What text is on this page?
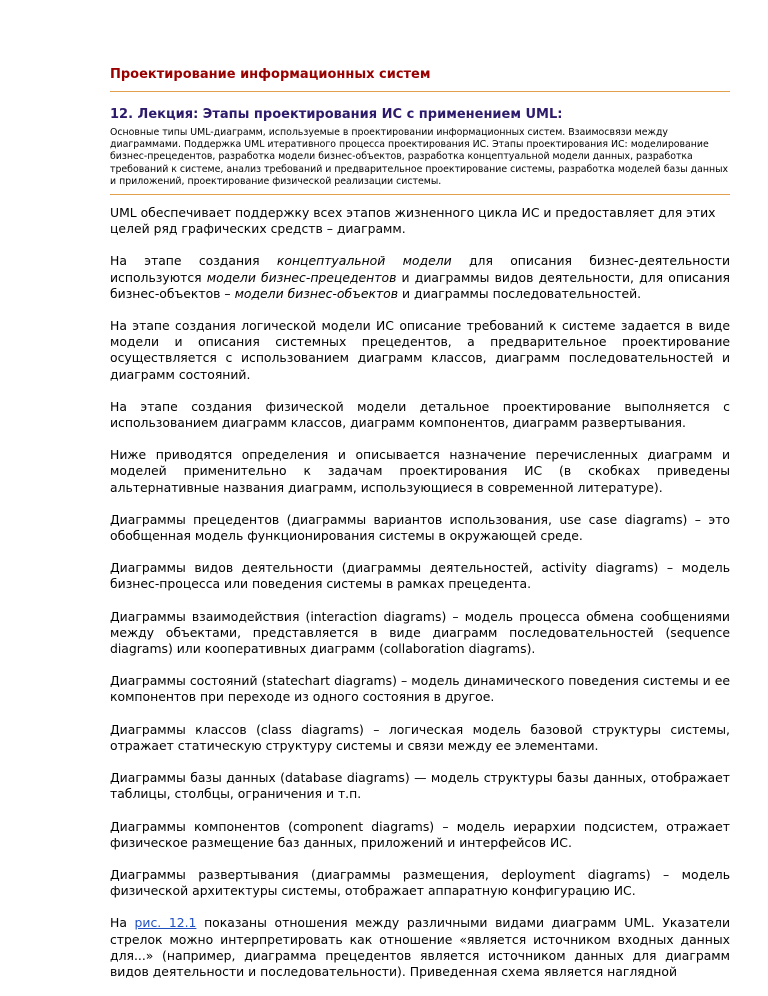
Проектирование информационных систем
12. Лекция: Этапы проектирования ИС с применением UML:

Основные типы UML-диаграмм, используемые в проектировании информационных систем. Взаимосвязи между диаграммами. Поддержка UML итеративного процесса проектирования ИС. Этапы проектирования ИС: моделирование бизнес-прецедентов, разработка модели бизнес-объектов, разработка концептуальной модели данных, разработка требований к системе, анализ требований и предварительное проектирование системы, разработка моделей базы данных и приложений, проектирование физической реализации системы.

UML обеспечивает поддержку всех этапов жизненного цикла ИС и предоставляет для этих целей ряд графических средств – диаграмм.

На этапе создания концептуальной модели для описания бизнес-деятельности используются модели бизнес-прецедентов и диаграммы видов деятельности, для описания бизнес-объектов – модели бизнес-объектов и диаграммы последовательностей.

На этапе создания логической модели ИС описание требований к системе задается в виде модели и описания системных прецедентов, а предварительное проектирование осуществляется с использованием диаграмм классов, диаграмм последовательностей и диаграмм состояний.

На этапе создания физической модели детальное проектирование выполняется с использованием диаграмм классов, диаграмм компонентов, диаграмм развертывания.

Ниже приводятся определения и описывается назначение перечисленных диаграмм и моделей применительно к задачам проектирования ИС (в скобках приведены альтернативные названия диаграмм, использующиеся в современной литературе).

Диаграммы прецедентов (диаграммы вариантов использования, use case diagrams) – это обобщенная модель функционирования системы в окружающей среде.

Диаграммы видов деятельности (диаграммы деятельностей, activity diagrams) – модель бизнес-процесса или поведения системы в рамках прецедента.

Диаграммы взаимодействия (interaction diagrams) – модель процесса обмена сообщениями между объектами, представляется в виде диаграмм последовательностей (sequence diagrams) или кооперативных диаграмм (collaboration diagrams).

Диаграммы состояний (statechart diagrams) – модель динамического поведения системы и ее компонентов при переходе из одного состояния в другое.

Диаграммы классов (class diagrams) – логическая модель базовой структуры системы, отражает статическую структуру системы и связи между ее элементами.

Диаграммы базы данных (database diagrams) — модель структуры базы данных, отображает таблицы, столбцы, ограничения и т.п.

Диаграммы компонентов (component diagrams) – модель иерархии подсистем, отражает физическое размещение баз данных, приложений и интерфейсов ИС.

Диаграммы развертывания (диаграммы размещения, deployment diagrams) – модель физической архитектуры системы, отображает аппаратную конфигурацию ИС.

На рис. 12.1 показаны отношения между различными видами диаграмм UML. Указатели стрелок можно интерпретировать как отношение «является источником входных данных для...» (например, диаграмма прецедентов является источником данных для диаграмм видов деятельности и последовательности). Приведенная схема является наглядной
